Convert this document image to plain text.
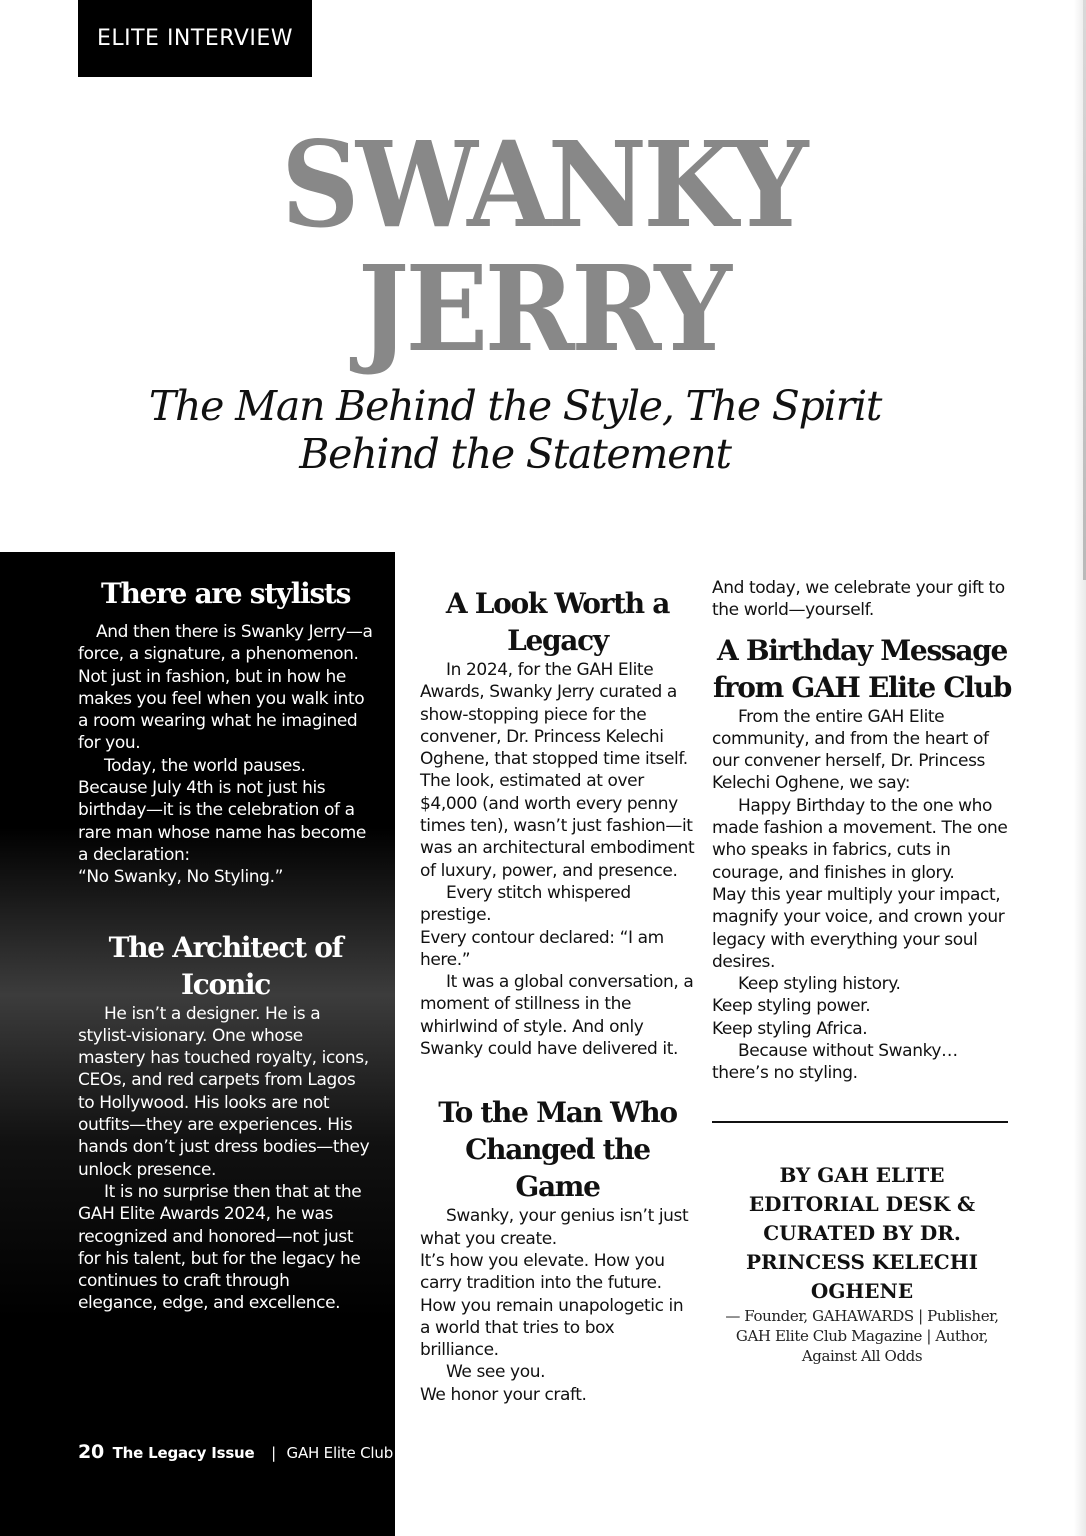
ELITE INTERVIEW
SWANKY
JERRY
The Man Behind the Style, The Spirit Behind the Statement
There are stylists

And then there is Swanky Jerry—a force, a signature, a phenomenon.

Not just in fashion, but in how he makes you feel when you walk into a room wearing what he imagined for you.

Today, the world pauses.

Because July 4th is not just his birthday—it is the celebration of a rare man whose name has become a declaration:

“No Swanky, No Styling.”

The Architect of Iconic

He isn’t a designer. He is a stylist-visionary. One whose mastery has touched royalty, icons, CEOs, and red carpets from Lagos to Hollywood. His looks are not outfits—they are experiences. His hands don’t just dress bodies—they unlock presence.

It is no surprise then that at the GAH Elite Awards 2024, he was recognized and honored—not just for his talent, but for the legacy he continues to craft through elegance, edge, and excellence.

A Look Worth a Legacy

In 2024, for the GAH Elite Awards, Swanky Jerry curated a show-stopping piece for the convener, Dr. Princess Kelechi Oghene, that stopped time itself. The look, estimated at over $4,000 (and worth every penny times ten), wasn’t just fashion—it was an architectural embodiment of luxury, power, and presence.

Every stitch whispered prestige.

Every contour declared: “I am here.”

It was a global conversation, a moment of stillness in the whirlwind of style. And only Swanky could have delivered it.

To the Man Who Changed the Game

Swanky, your genius isn’t just what you create.

It’s how you elevate. How you carry tradition into the future. How you remain unapologetic in a world that tries to box brilliance.

We see you.

We honor your craft.

And today, we celebrate your gift to the world—yourself.

A Birthday Message from GAH Elite Club

From the entire GAH Elite community, and from the heart of our convener herself, Dr. Princess Kelechi Oghene, we say:

Happy Birthday to the one who made fashion a movement. The one who speaks in fabrics, cuts in courage, and finishes in glory.

May this year multiply your impact, magnify your voice, and crown your legacy with everything your soul desires.

Keep styling history.

Keep styling power.

Keep styling Africa.

Because without Swanky… there’s no styling.

BY GAH ELITE EDITORIAL DESK & CURATED BY DR. PRINCESS KELECHI OGHENE

— Founder, GAHAWARDS | Publisher, GAH Elite Club Magazine | Author, Against All Odds

20 The Legacy Issue | GAH Elite Club Magazine
